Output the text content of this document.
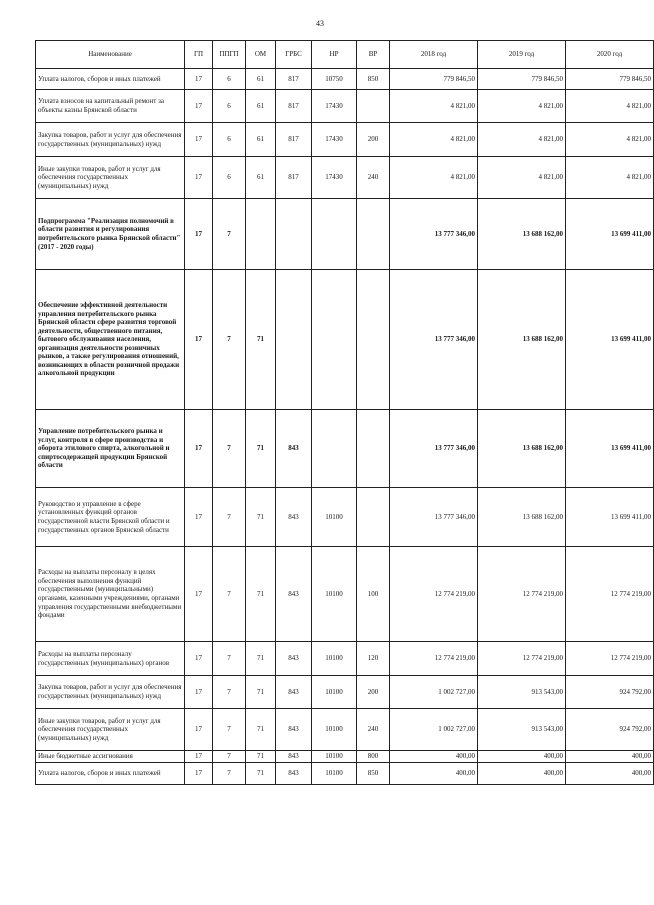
43
Наименование	ГП	ППГП	ОМ	ГРБС	НР	ВР	2018 год	2019 год	2020 год
Уплата налогов, сборов и иных платежей	17	6	61	817	10750	850	779 846,50	779 846,50	779 846,50
Уплата взносов на капитальный ремонт за объекты казны Брянской области	17	6	61	817	17430		4 821,00	4 821,00	4 821,00
Закупка товаров, работ и услуг для обеспечения государственных (муниципальных) нужд	17	6	61	817	17430	200	4 821,00	4 821,00	4 821,00
Иные закупки товаров, работ и услуг для обеспечения государственных (муниципальных) нужд	17	6	61	817	17430	240	4 821,00	4 821,00	4 821,00
Подпрограмма "Реализация полномочий в области развития и регулирования потребительского рынка Брянской области" (2017 - 2020 годы)	17	7					13 777 346,00	13 688 162,00	13 699 411,00
Обеспечение эффективной деятельности управления потребительского рынка Брянской области сфере развития торговой деятельности, общественного питания, бытового обслуживания населения, организация деятельности розничных рынков, а также регулирования отношений, возникающих в области розничной продажи алкогольной продукции	17	7	71				13 777 346,00	13 688 162,00	13 699 411,00
Управление потребительского рынка и услуг, контроля в сфере производства и оборота этилового спирта, алкогольной и спиртосодержащей продукции Брянской области	17	7	71	843			13 777 346,00	13 688 162,00	13 699 411,00
Руководство и управление в сфере установленных функций органов государственной власти Брянской области и государственных органов Брянской области	17	7	71	843	10100		13 777 346,00	13 688 162,00	13 699 411,00
Расходы на выплаты персоналу в целях обеспечения выполнения функций государственными (муниципальными) органами, казенными учреждениями, органами управления государственными внебюджетными фондами	17	7	71	843	10100	100	12 774 219,00	12 774 219,00	12 774 219,00
Расходы на выплаты персоналу государственных (муниципальных) органов	17	7	71	843	10100	120	12 774 219,00	12 774 219,00	12 774 219,00
Закупка товаров, работ и услуг для обеспечения государственных (муниципальных) нужд	17	7	71	843	10100	200	1 002 727,00	913 543,00	924 792,00
Иные закупки товаров, работ и услуг для обеспечения государственных (муниципальных) нужд	17	7	71	843	10100	240	1 002 727,00	913 543,00	924 792,00
Иные бюджетные ассигнования	17	7	71	843	10100	800	400,00	400,00	400,00
Уплата налогов, сборов и иных платежей	17	7	71	843	10100	850	400,00	400,00	400,00
